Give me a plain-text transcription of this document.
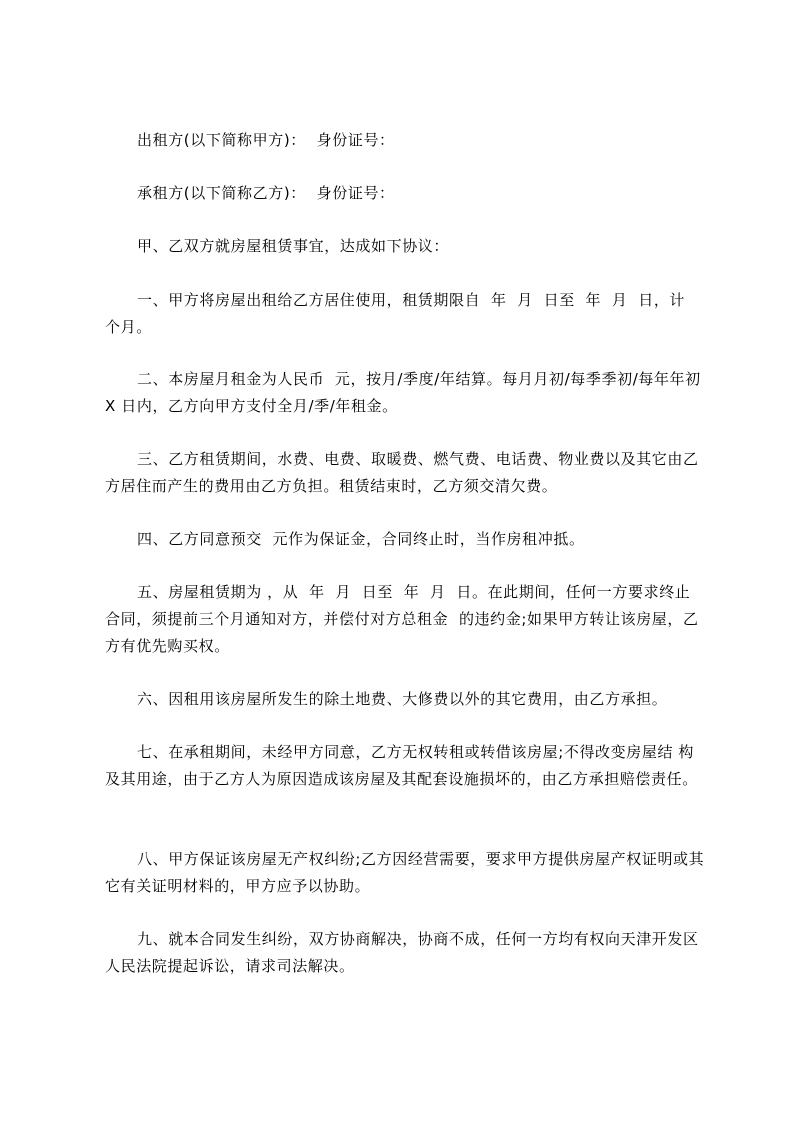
出租方(以下简称甲方)：  身份证号：

承租方(以下简称乙方)：  身份证号：

甲、乙双方就房屋租赁事宜，达成如下协议：

一、甲方将房屋出租给乙方居住使用，租赁期限自  年  月  日至  年  月  日，计 个月。

二、本房屋月租金为人民币  元，按月/季度/年结算。每月月初/每季季初/每年年初 X 日内，乙方向甲方支付全月/季/年租金。

三、乙方租赁期间，水费、电费、取暖费、燃气费、电话费、物业费以及其它由乙方居住而产生的费用由乙方负担。租赁结束时，乙方须交清欠费。

四、乙方同意预交  元作为保证金，合同终止时，当作房租冲抵。

五、房屋租赁期为 ，从  年  月  日至  年  月  日。在此期间，任何一方要求终止 合同，须提前三个月通知对方，并偿付对方总租金  的违约金;如果甲方转让该房屋，乙方有优先购买权。

六、因租用该房屋所发生的除土地费、大修费以外的其它费用，由乙方承担。

七、在承租期间，未经甲方同意，乙方无权转租或转借该房屋;不得改变房屋结 构及其用途，由于乙方人为原因造成该房屋及其配套设施损坏的，由乙方承担赔偿责任。

八、甲方保证该房屋无产权纠纷;乙方因经营需要，要求甲方提供房屋产权证明或其它有关证明材料的，甲方应予以协助。

九、就本合同发生纠纷，双方协商解决，协商不成，任何一方均有权向天津开发区人民法院提起诉讼，请求司法解决。
